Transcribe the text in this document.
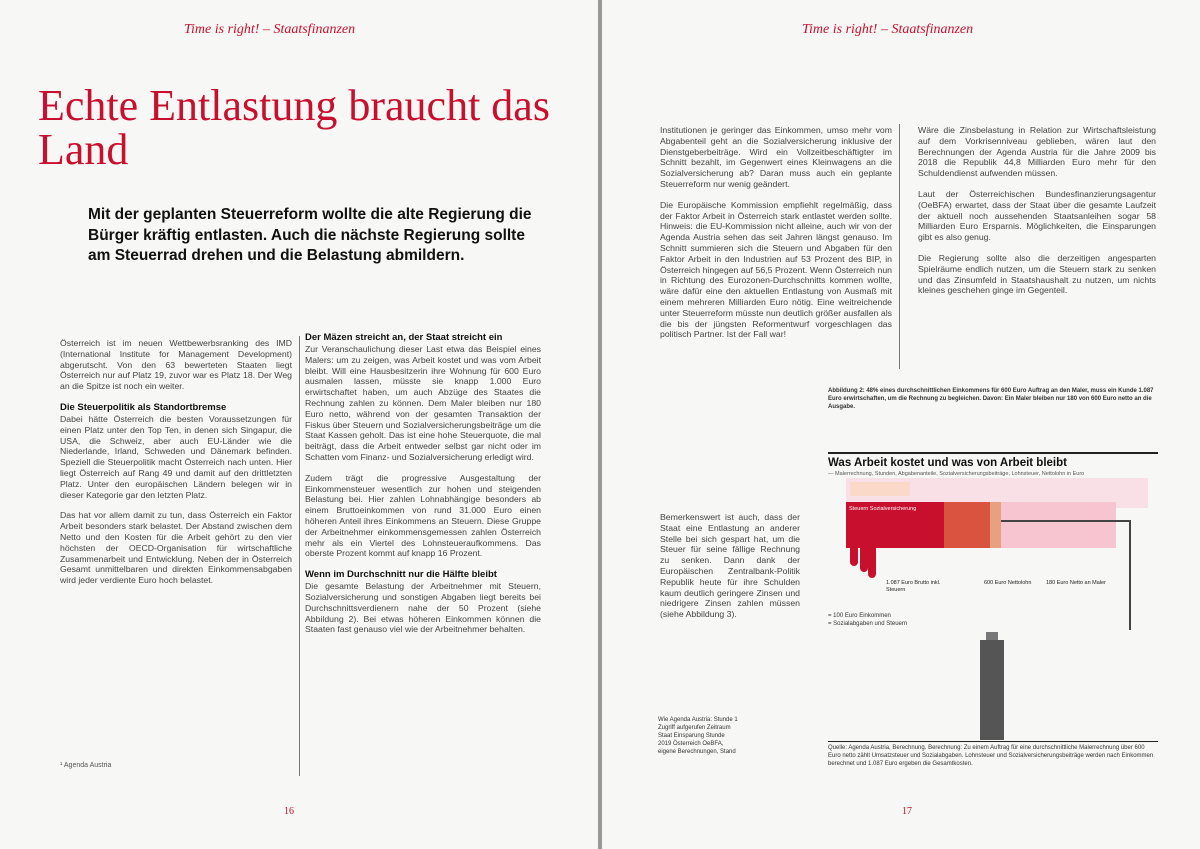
Time is right! – Staatsfinanzen
Echte Entlastung braucht das Land

Mit der geplanten Steuerreform wollte die alte Regierung die Bürger kräftig entlasten. Auch die nächste Regierung sollte am Steuerrad drehen und die Belastung abmildern.

Österreich ist im neuen Wettbewerbsranking des IMD (International Institute for Management Development) abgerutscht. Von den 63 bewerteten Staaten liegt Österreich nur auf Platz 19, zuvor war es Platz 18. Der Weg an die Spitze ist noch ein weiter.

Die Steuerpolitik als Standortbremse

Dabei hätte Österreich die besten Voraussetzungen für einen Platz unter den Top Ten, in denen sich Singapur, die USA, die Schweiz, aber auch EU-Länder wie die Niederlande, Irland, Schweden und Dänemark befinden. Speziell die Steuerpolitik macht Österreich nach unten. Hier liegt Österreich auf Rang 49 und damit auf den drittletzten Platz. Unter den europäischen Ländern belegen wir in dieser Kategorie gar den letzten Platz.

Das hat vor allem damit zu tun, dass Österreich ein Faktor Arbeit besonders stark belastet. Der Abstand zwischen dem Netto und den Kosten für die Arbeit gehört zu den vier höchsten der OECD-Organisation für wirtschaftliche Zusammenarbeit und Entwicklung. Neben der in Österreich Gesamt unmittelbaren und direkten Einkommensabgaben wird jeder verdiente Euro hoch belastet.

¹ Agenda Austria
Der Mäzen streicht an, der Staat streicht ein

Zur Veranschaulichung dieser Last etwa das Beispiel eines Malers: um zu zeigen, was Arbeit kostet und was vom Arbeit bleibt. Will eine Hausbesitzerin ihre Wohnung für 600 Euro ausmalen lassen, müsste sie knapp 1.000 Euro erwirtschaftet haben, um auch Abzüge des Staates die Rechnung zahlen zu können. Dem Maler bleiben nur 180 Euro netto, während von der gesamten Transaktion der Fiskus über Steuern und Sozialversicherungsbeiträge um die Staat Kassen geholt. Das ist eine hohe Steuerquote, die mal beiträgt, dass die Arbeit entweder selbst gar nicht oder im Schatten vom Finanz- und Sozialversicherung erledigt wird.

Zudem trägt die progressive Ausgestaltung der Einkommensteuer wesentlich zur hohen und steigenden Belastung bei. Hier zahlen Lohnabhängige besonders ab einem Bruttoeinkommen von rund 31.000 Euro einen höheren Anteil ihres Einkommens an Steuern. Diese Gruppe der Arbeitnehmer einkommensgemessen zahlen Österreich mehr als ein Viertel des Lohnsteueraufkommens. Das oberste Prozent kommt auf knapp 16 Prozent.

Wenn im Durchschnitt nur die Hälfte bleibt

Die gesamte Belastung der Arbeitnehmer mit Steuern, Sozialversicherung und sonstigen Abgaben liegt bereits bei Durchschnittsverdienern nahe der 50 Prozent (siehe Abbildung 2). Bei etwas höheren Einkommen können die Staaten fast genauso viel wie der Arbeitnehmer behalten.

16
Time is right! – Staatsfinanzen

Institutionen je geringer das Einkommen, umso mehr vom Abgabenteil geht an die Sozialversicherung inklusive der Dienstgeberbeiträge. Wird ein Vollzeitbeschäftigter im Schnitt bezahlt, im Gegenwert eines Kleinwagens an die Sozialversicherung ab? Daran muss auch ein geplante Steuerreform nur wenig geändert.

Die Europäische Kommission empfiehlt regelmäßig, dass der Faktor Arbeit in Österreich stark entlastet werden sollte. Hinweis: die EU-Kommission nicht alleine, auch wir von der Agenda Austria sehen das seit Jahren längst genauso. Im Schnitt summieren sich die Steuern und Abgaben für den Faktor Arbeit in den Industrien auf 53 Prozent des BIP, in Österreich hingegen auf 56,5 Prozent. Wenn Österreich nun in Richtung des Eurozonen-Durchschnitts kommen wollte, wäre dafür eine den aktuellen Entlastung von Ausmaß mit einem mehreren Milliarden Euro nötig. Eine weitreichende unter Steuerreform müsste nun deutlich größer ausfallen als die bis der jüngsten Reformentwurf vorgeschlagen das politisch Partner. Ist der Fall war!

Bemerkenswert ist auch, dass der Staat eine Entlastung an anderer Stelle bei sich gespart hat, um die Steuer für seine fällige Rechnung zu senken. Dann dank der Europäischen Zentralbank-Politik Republik heute für ihre Schulden kaum deutlich geringere Zinsen und niedrigere Zinsen zahlen müssen (siehe Abbildung 3).

Wäre die Zinsbelastung in Relation zur Wirtschaftsleistung auf dem Vorkrisenniveau geblieben, wären laut den Berechnungen der Agenda Austria für die Jahre 2009 bis 2018 die Republik 44,8 Milliarden Euro mehr für den Schuldendienst aufwenden müssen.

Laut der Österreichischen Bundesfinanzierungsagentur (OeBFA) erwartet, dass der Staat über die gesamte Laufzeit der aktuell noch aussehenden Staatsanleihen sogar 58 Milliarden Euro Ersparnis. Möglichkeiten, die Einsparungen gibt es also genug.

Die Regierung sollte also die derzeitigen angesparten Spielräume endlich nutzen, um die Steuern stark zu senken und das Zinsumfeld in Staatshaushalt zu nutzen, um nichts kleines geschehen ginge im Gegenteil.

Abbildung 2: 48% eines durchschnittlichen Einkommens für 600 Euro Auftrag an den Maler, muss ein Kunde 1.087 Euro erwirtschaften, um die Rechnung zu begleichen. Davon: Ein Maler bleiben nur 180 von 600 Euro netto an die Ausgabe.
Was Arbeit kostet und was von Arbeit bleibt
— Malerrechnung, Stunden, Abgabenanteile, Sozialversicherungsbeiträge, Lohnsteuer, Nettolohn in Euro
Steuern Sozialversicherung
1.087 Euro Brutto inkl. Steuern
600 Euro Nettolohn	180 Euro Netto an Maler
= 100 Euro Einkommen
= Sozialabgaben und Steuern
Wie Agenda Austria: Stunde 1 Zugriff aufgerufen Zeitraum Staat Einsparung Stunde 2019 Österreich OeBFA, eigene Berechnungen, Stand
Quelle: Agenda Austria, Berechnung. Berechnung: Zu einem Auftrag für eine durchschnittliche Malerrechnung über 600 Euro netto zählt Umsatzsteuer und Sozialabgaben. Lohnsteuer und Sozialversicherungsbeiträge werden nach Einkommen berechnet und 1.087 Euro ergeben die Gesamtkosten.
17
